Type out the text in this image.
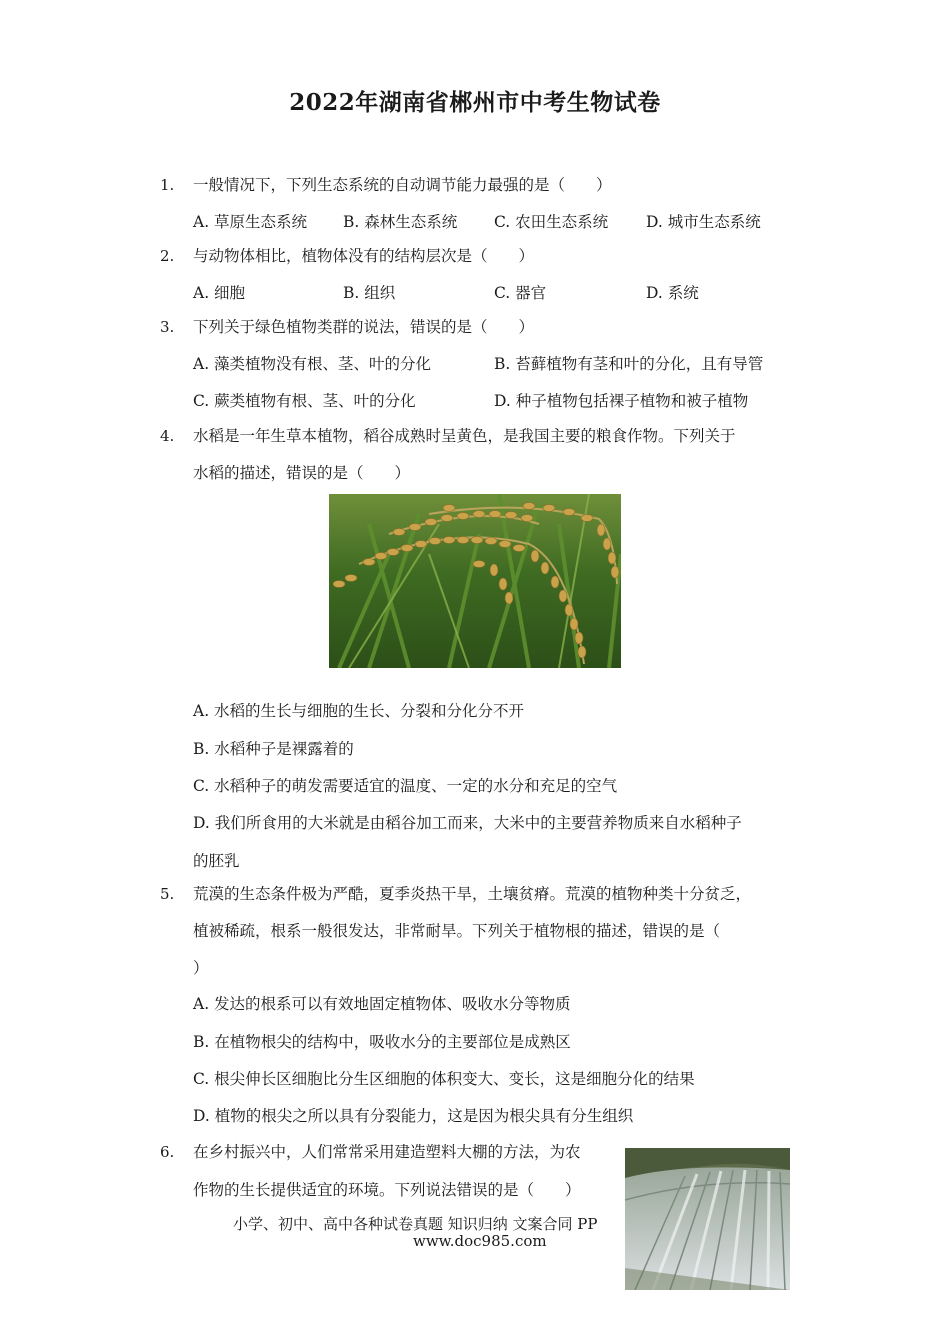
2022年湖南省郴州市中考生物试卷
1. 一般情况下，下列生态系统的自动调节能力最强的是（　　）
A. 草原生态系统 B. 森林生态系统 C. 农田生态系统 D. 城市生态系统
2. 与动物体相比，植物体没有的结构层次是（　　）
A. 细胞	B. 组织	C. 器官	D. 系统
3. 下列关于绿色植物类群的说法，错误的是（　　）
A. 藻类植物没有根、茎、叶的分化	B. 苔藓植物有茎和叶的分化，且有导管
C. 蕨类植物有根、茎、叶的分化	D. 种子植物包括裸子植物和被子植物
4. 水稻是一年生草本植物，稻谷成熟时呈黄色，是我国主要的粮食作物。下列关于
水稻的描述，错误的是（　　）
A. 水稻的生长与细胞的生长、分裂和分化分不开
B. 水稻种子是裸露着的
C. 水稻种子的萌发需要适宜的温度、一定的水分和充足的空气
D. 我们所食用的大米就是由稻谷加工而来，大米中的主要营养物质来自水稻种子
的胚乳
5. 荒漠的生态条件极为严酷，夏季炎热干旱，土壤贫瘠。荒漠的植物种类十分贫乏，
植被稀疏，根系一般很发达，非常耐旱。下列关于植物根的描述，错误的是（
）
A. 发达的根系可以有效地固定植物体、吸收水分等物质
B. 在植物根尖的结构中，吸收水分的主要部位是成熟区
C. 根尖伸长区细胞比分生区细胞的体积变大、变长，这是细胞分化的结果
D. 植物的根尖之所以具有分裂能力，这是因为根尖具有分生组织
6. 在乡村振兴中，人们常常采用建造塑料大棚的方法，为农
作物的生长提供适宜的环境。下列说法错误的是（　　）
小学、初中、高中各种试卷真题 知识归纳 文案合同 PP
www.doc985.com
